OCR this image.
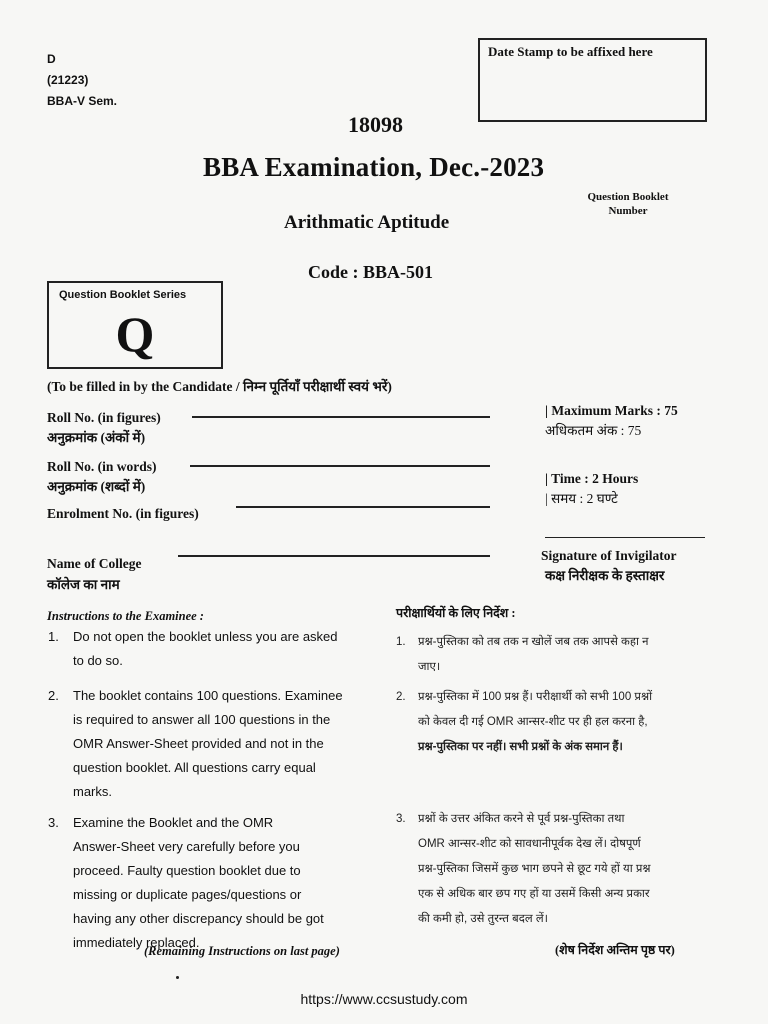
D
(21223)
BBA-V Sem.
Date Stamp to be affixed here
18098
BBA Examination, Dec.-2023
Question Booklet
Number
Arithmatic Aptitude
Code : BBA-501
Question Booklet Series
Q
(To be filled in by the Candidate / निम्न पूर्तियाँ परीक्षार्थी स्वयं भरें)
Roll No. (in figures)
अनुक्रमांक (अंकों में)
Roll No. (in words)
अनुक्रमांक (शब्दों में)
Enrolment No. (in figures)
Name of College
कॉलेज का नाम
| Maximum Marks : 75
अधिकतम अंक : 75
| Time : 2 Hours
| समय : 2 घण्टे
Signature of Invigilator
कक्ष निरीक्षक के हस्ताक्षर
Instructions to the Examinee :
1. Do not open the booklet unless you are asked
to do so.
2. The booklet contains 100 questions. Examinee
is required to answer all 100 questions in the
OMR Answer-Sheet provided and not in the
question booklet. All questions carry equal
marks.
3. Examine the Booklet and the OMR
Answer-Sheet very carefully before you
proceed. Faulty question booklet due to
missing or duplicate pages/questions or
having any other discrepancy should be got
immediately replaced.
(Remaining Instructions on last page)
परीक्षार्थियों के लिए निर्देश :
1. प्रश्न-पुस्तिका को तब तक न खोलें जब तक आपसे कहा न
जाए।
2. प्रश्न-पुस्तिका में 100 प्रश्न हैं। परीक्षार्थी को सभी 100 प्रश्नों
को केवल दी गई OMR आन्सर-शीट पर ही हल करना है,
प्रश्न-पुस्तिका पर नहीं। सभी प्रश्नों के अंक समान हैं।
3. प्रश्नों के उत्तर अंकित करने से पूर्व प्रश्न-पुस्तिका तथा
OMR आन्सर-शीट को सावधानीपूर्वक देख लें। दोषपूर्ण
प्रश्न-पुस्तिका जिसमें कुछ भाग छपने से छूट गये हों या प्रश्न
एक से अधिक बार छप गए हों या उसमें किसी अन्य प्रकार
की कमी हो, उसे तुरन्त बदल लें।
(शेष निर्देश अन्तिम पृष्ठ पर)
https://www.ccsustudy.com
